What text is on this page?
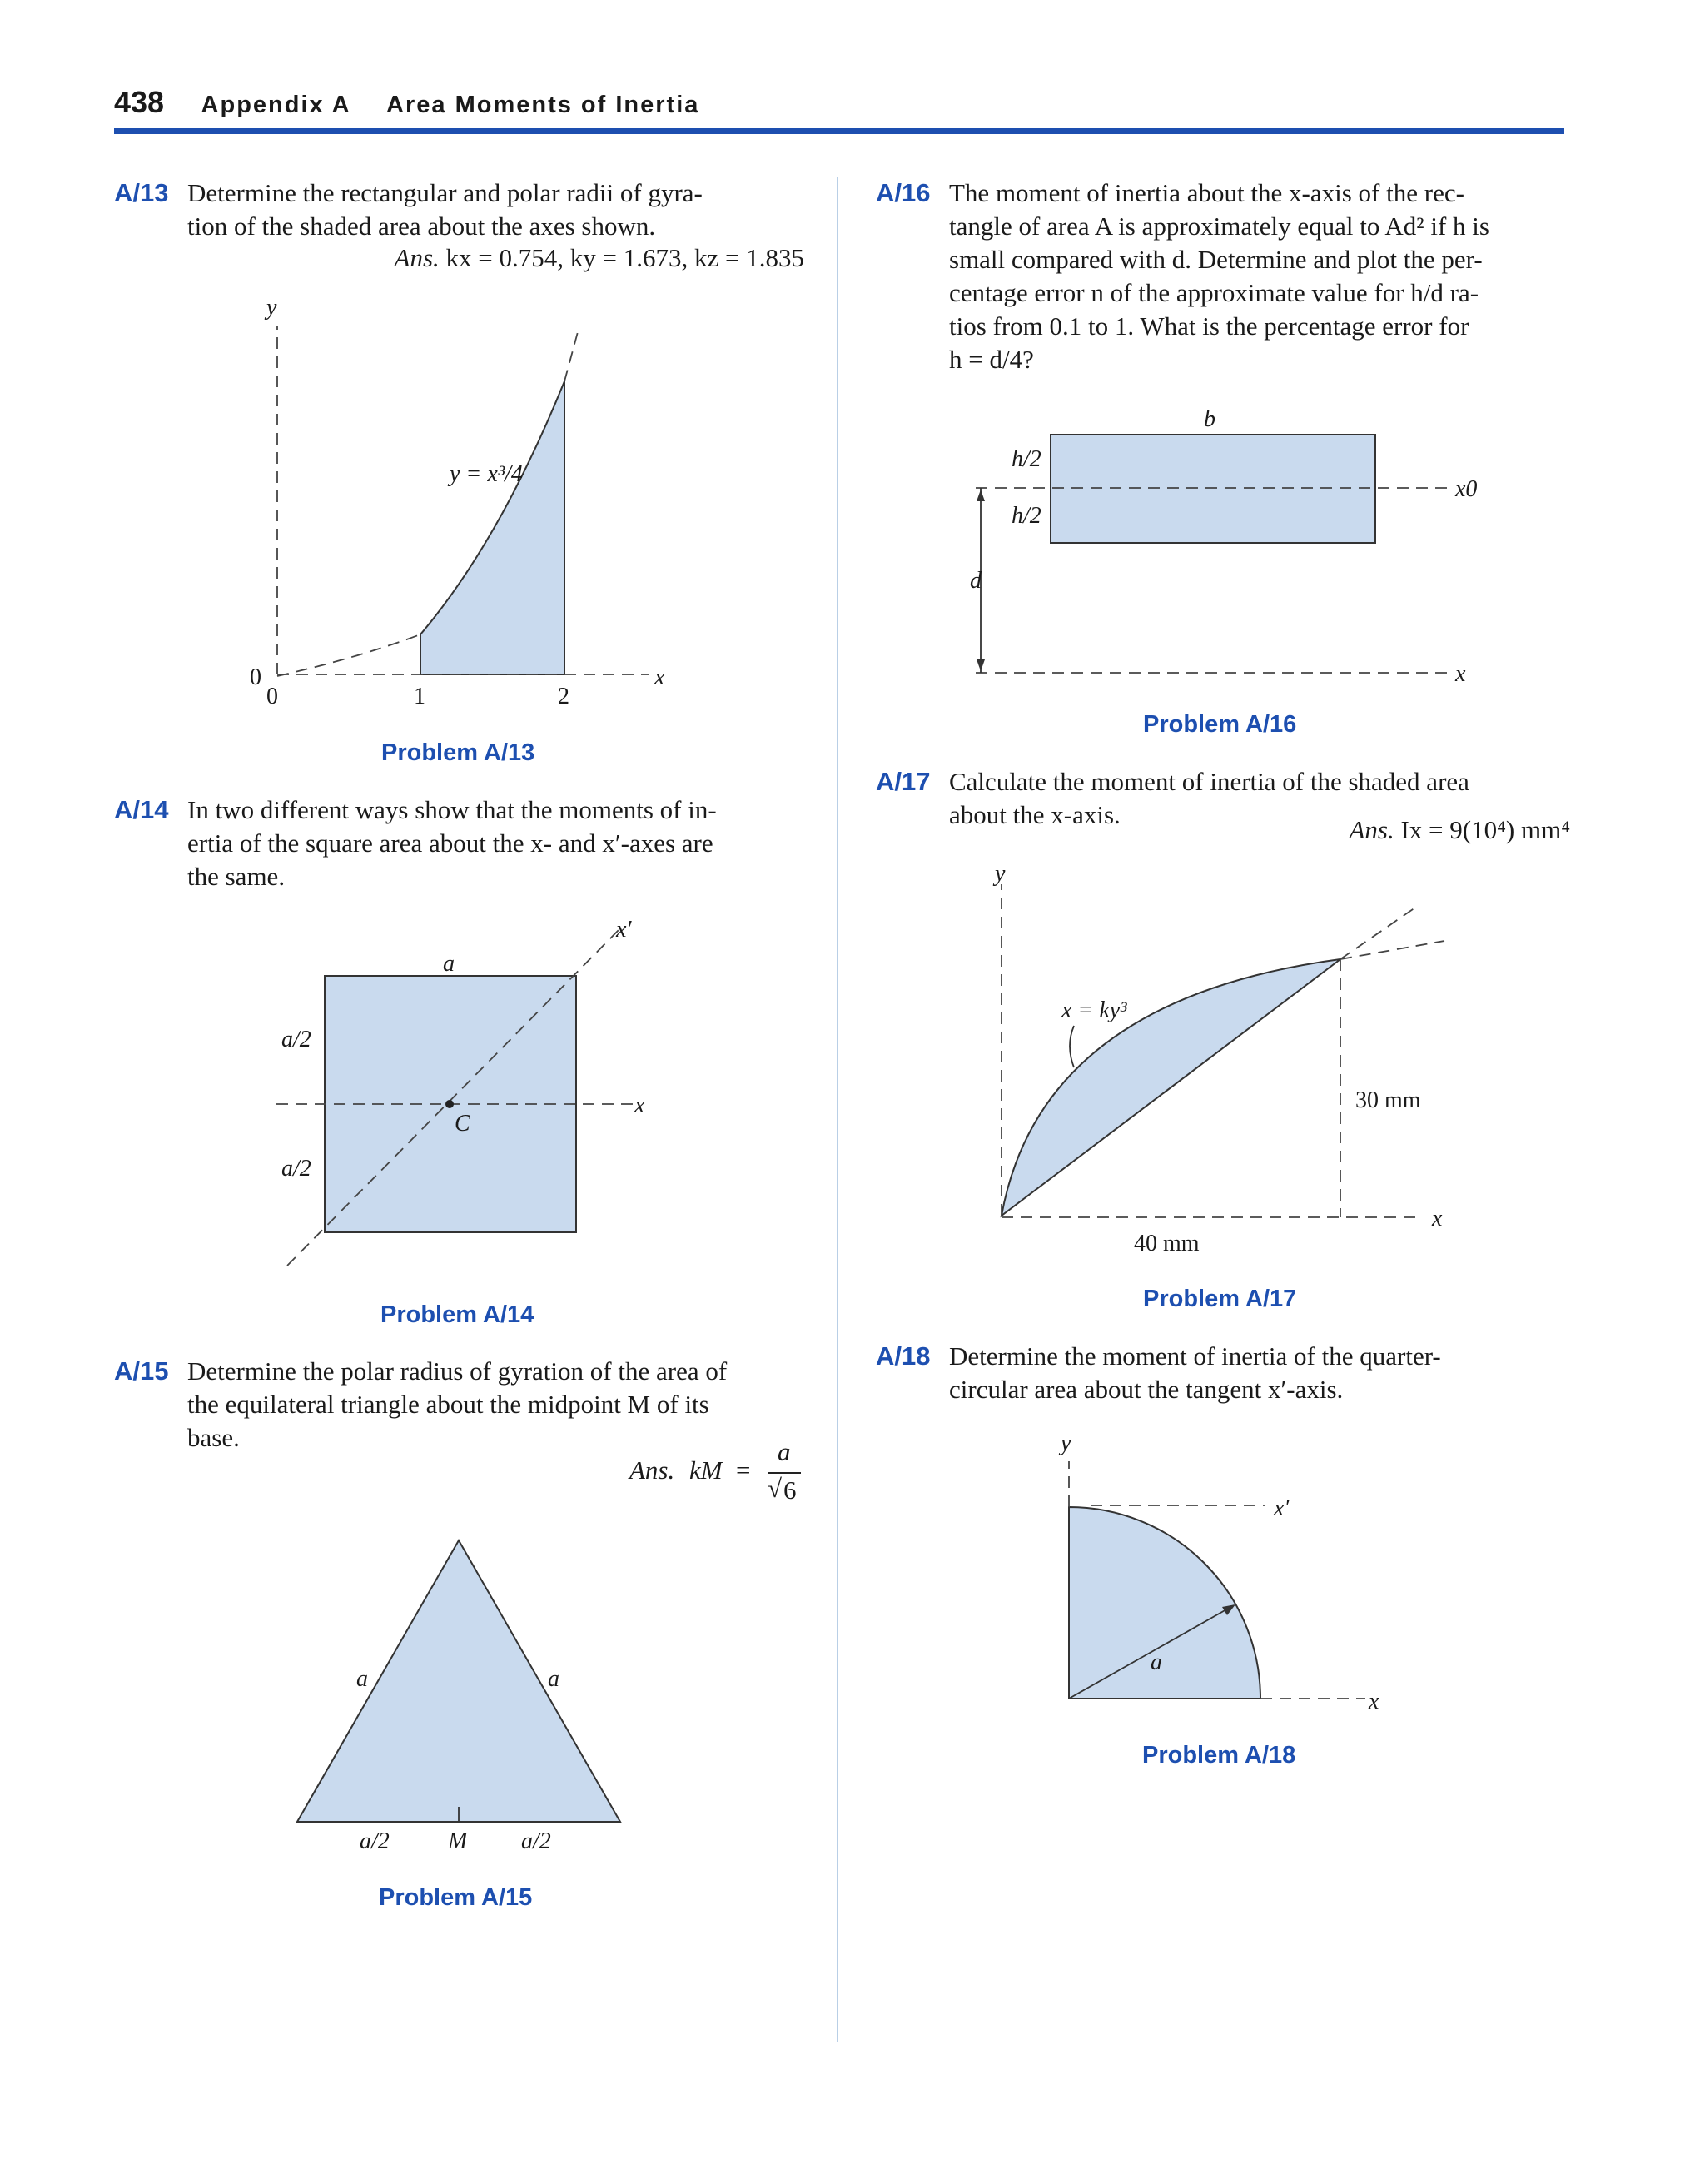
438 Appendix A Area Moments of Inertia
A/13 Determine the rectangular and polar radii of gyra-
tion of the shaded area about the axes shown.
Ans. kx = 0.754, ky = 1.673, kz = 1.835
y
x
0
0	1	2
y = x³/4
Problem A/13
A/14 In two different ways show that the moments of in-
ertia of the square area about the x- and x′-axes are
the same.
a
a/2
a/2
C
x
x′
Problem A/14
A/15 Determine the polar radius of gyration of the area of
the equilateral triangle about the midpoint M of its
base.
Ans. kM =
a
√ 6
a	a
a/2	M a/2
Problem A/15
A/16 The moment of inertia about the x-axis of the rec-
tangle of area A is approximately equal to Ad² if h is
small compared with d. Determine and plot the per-
centage error n of the approximate value for h/d ra-
tios from 0.1 to 1. What is the percentage error for
h = d/4?
b
h/2
h/2
d
x0
x
Problem A/16
A/17 Calculate the moment of inertia of the shaded area
about the x-axis.
Ans. Ix = 9(10⁴) mm⁴
y
x
x = ky³
30 mm
40 mm
Problem A/17
A/18 Determine the moment of inertia of the quarter-
circular area about the tangent x′-axis.
y
x′
x
a
Problem A/18
